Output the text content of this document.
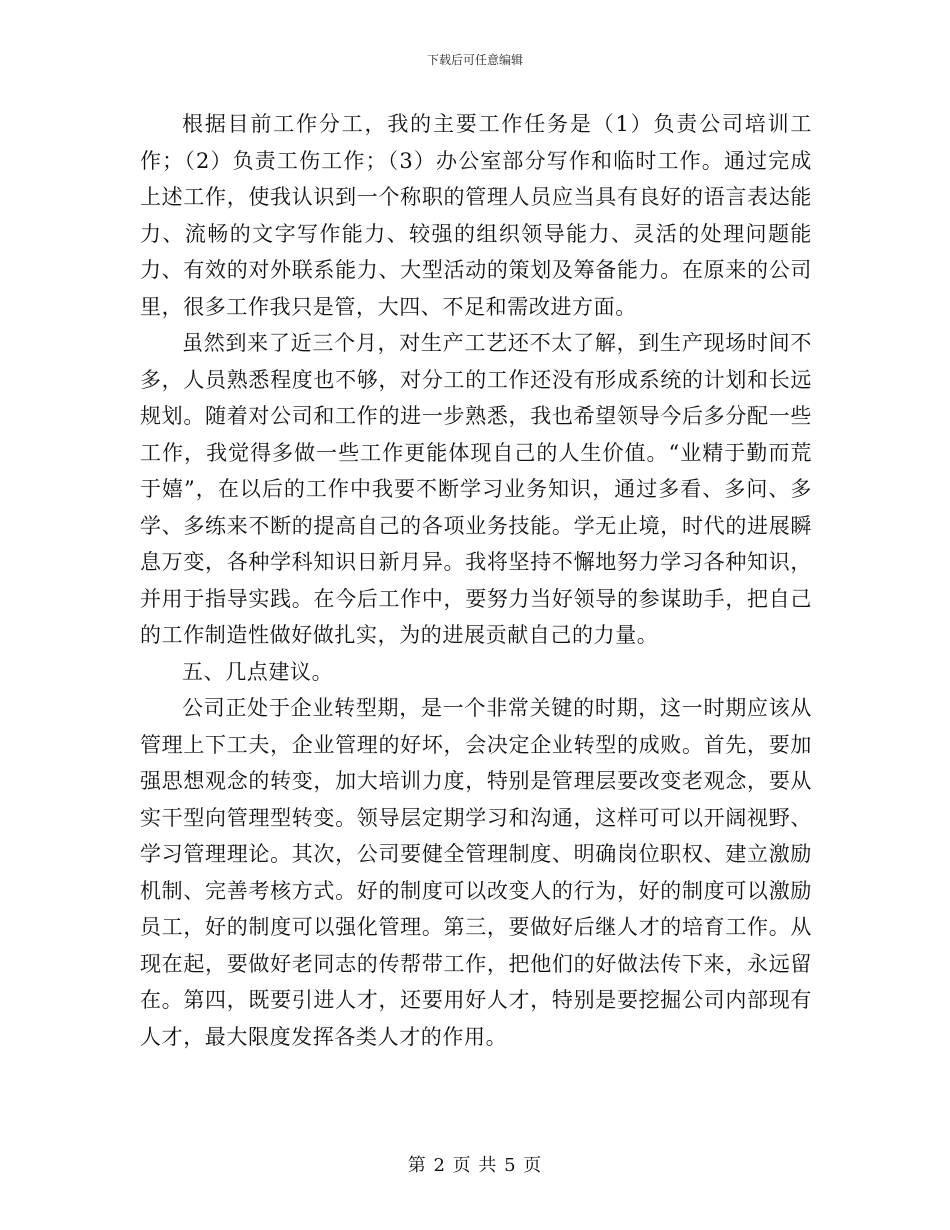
下载后可任意编辑

根据目前工作分工，我的主要工作任务是（1）负责公司培训工作；（2）负责工伤工作；（3）办公室部分写作和临时工作。通过完成上述工作，使我认识到一个称职的管理人员应当具有良好的语言表达能力、流畅的文字写作能力、较强的组织领导能力、灵活的处理问题能力、有效的对外联系能力、大型活动的策划及筹备能力。在原来的公司里，很多工作我只是管，大四、不足和需改进方面。

虽然到来了近三个月，对生产工艺还不太了解，到生产现场时间不多，人员熟悉程度也不够，对分工的工作还没有形成系统的计划和长远规划。随着对公司和工作的进一步熟悉，我也希望领导今后多分配一些工作，我觉得多做一些工作更能体现自己的人生价值。“业精于勤而荒于嬉”，在以后的工作中我要不断学习业务知识，通过多看、多问、多学、多练来不断的提高自己的各项业务技能。学无止境，时代的进展瞬息万变，各种学科知识日新月异。我将坚持不懈地努力学习各种知识，并用于指导实践。在今后工作中，要努力当好领导的参谋助手，把自己的工作制造性做好做扎实，为的进展贡献自己的力量。

五、几点建议。

公司正处于企业转型期，是一个非常关键的时期，这一时期应该从管理上下工夫，企业管理的好坏，会决定企业转型的成败。首先，要加强思想观念的转变，加大培训力度，特别是管理层要改变老观念，要从实干型向管理型转变。领导层定期学习和沟通，这样可可以开阔视野、学习管理理论。其次，公司要健全管理制度、明确岗位职权、建立激励机制、完善考核方式。好的制度可以改变人的行为，好的制度可以激励员工，好的制度可以强化管理。第三，要做好后继人才的培育工作。从现在起，要做好老同志的传帮带工作，把他们的好做法传下来，永远留在。第四，既要引进人才，还要用好人才，特别是要挖掘公司内部现有人才，最大限度发挥各类人才的作用。

第 2 页 共 5 页
